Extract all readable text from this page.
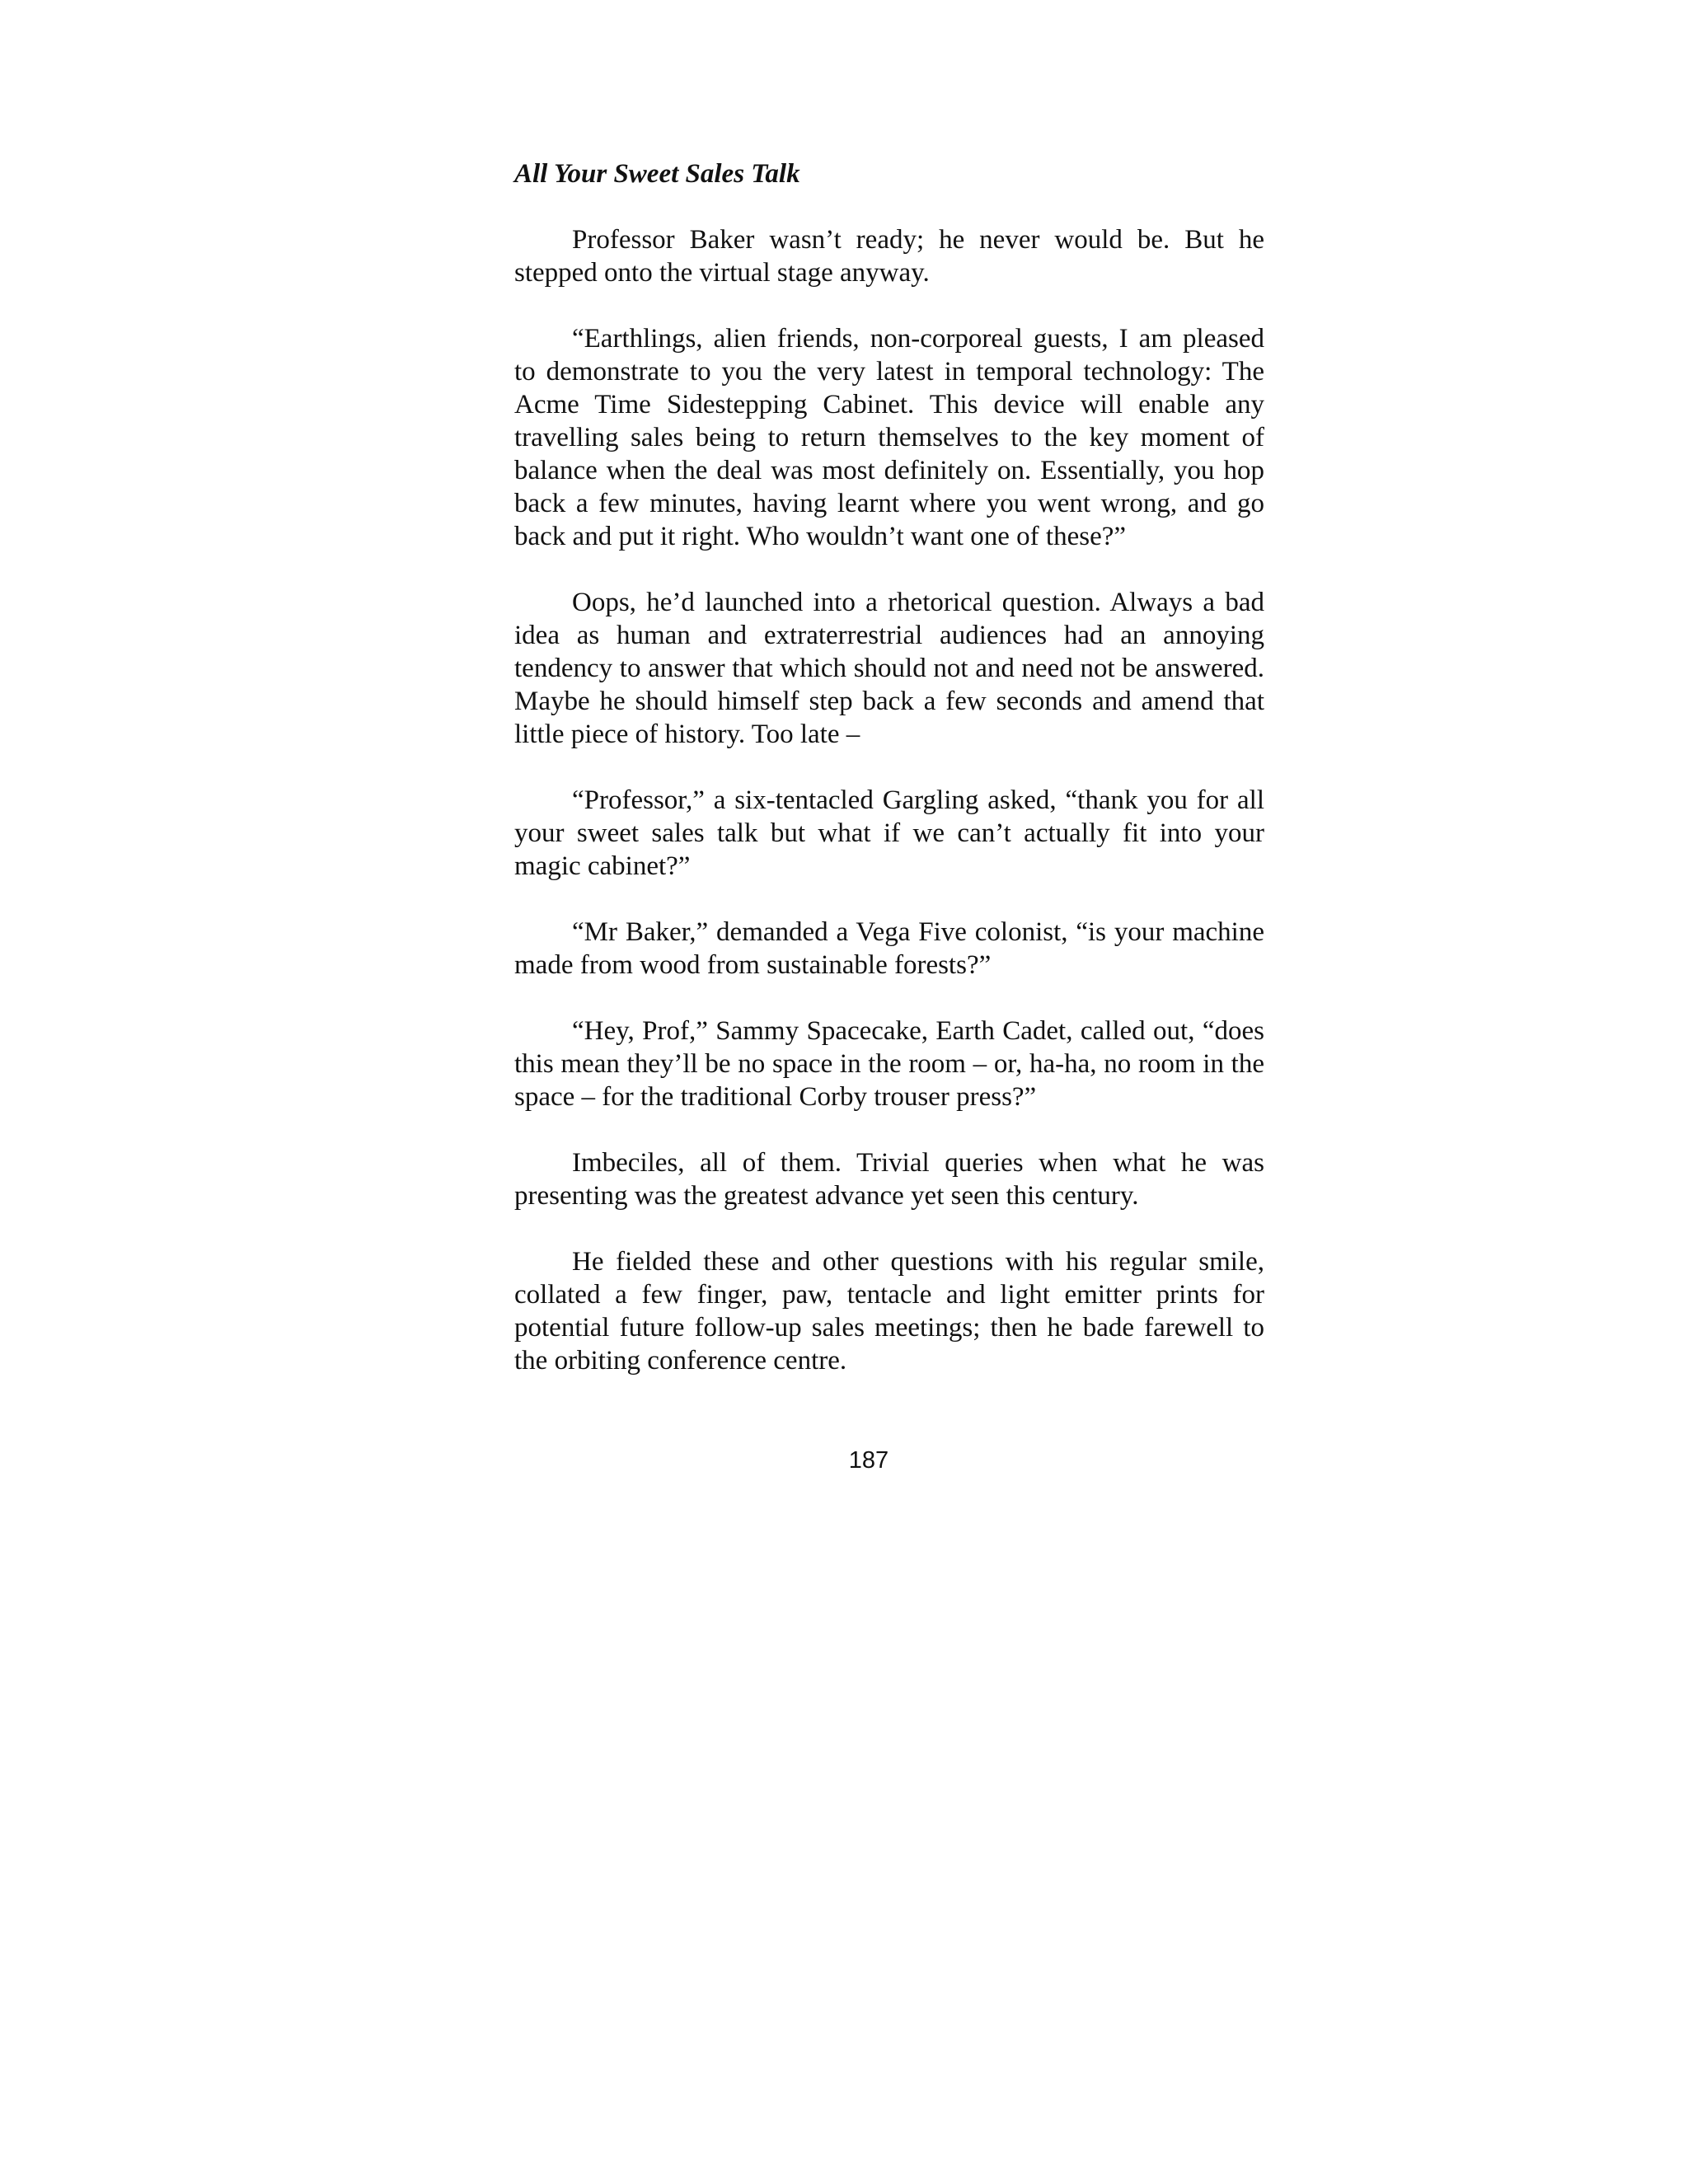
All Your Sweet Sales Talk

Professor Baker wasn’t ready; he never would be. But he stepped onto the virtual stage anyway.

“Earthlings, alien friends, non-corporeal guests, I am pleased to demonstrate to you the very latest in temporal technology: The Acme Time Sidestepping Cabinet. This device will enable any travelling sales being to return themselves to the key moment of balance when the deal was most definitely on. Essentially, you hop back a few minutes, having learnt where you went wrong, and go back and put it right. Who wouldn’t want one of these?”

Oops, he’d launched into a rhetorical question. Always a bad idea as human and extraterrestrial audiences had an annoying tendency to answer that which should not and need not be answered. Maybe he should himself step back a few seconds and amend that little piece of history. Too late –

“Professor,” a six-tentacled Gargling asked, “thank you for all your sweet sales talk but what if we can’t actually fit into your magic cabinet?”

“Mr Baker,” demanded a Vega Five colonist, “is your machine made from wood from sustainable forests?”

“Hey, Prof,” Sammy Spacecake, Earth Cadet, called out, “does this mean they’ll be no space in the room – or, ha-ha, no room in the space – for the traditional Corby trouser press?”

Imbeciles, all of them. Trivial queries when what he was presenting was the greatest advance yet seen this century.

He fielded these and other questions with his regular smile, collated a few finger, paw, tentacle and light emitter prints for potential future follow-up sales meetings; then he bade farewell to the orbiting conference centre.

187
